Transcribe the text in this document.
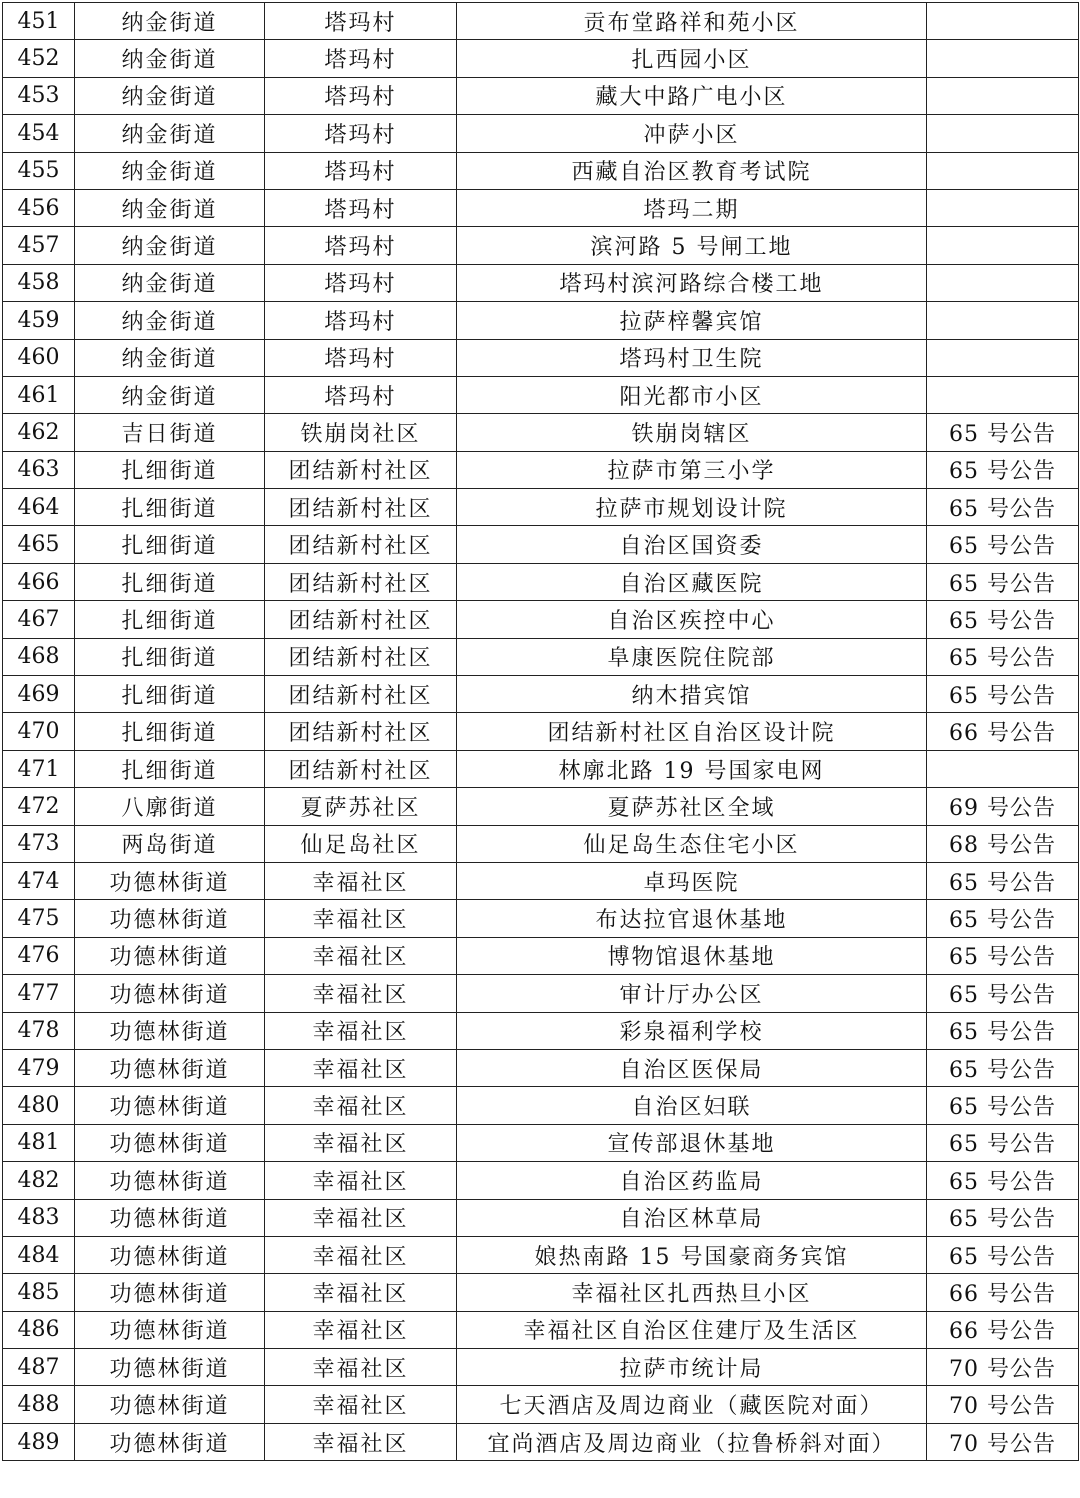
451	纳金街道	塔玛村	贡布堂路祥和苑小区	
452	纳金街道	塔玛村	扎西园小区	
453	纳金街道	塔玛村	藏大中路广电小区	
454	纳金街道	塔玛村	冲萨小区	
455	纳金街道	塔玛村	西藏自治区教育考试院	
456	纳金街道	塔玛村	塔玛二期	
457	纳金街道	塔玛村	滨河路 5 号闸工地	
458	纳金街道	塔玛村	塔玛村滨河路综合楼工地	
459	纳金街道	塔玛村	拉萨梓馨宾馆	
460	纳金街道	塔玛村	塔玛村卫生院	
461	纳金街道	塔玛村	阳光都市小区	
462	吉日街道	铁崩岗社区	铁崩岗辖区	65 号公告
463	扎细街道	团结新村社区	拉萨市第三小学	65 号公告
464	扎细街道	团结新村社区	拉萨市规划设计院	65 号公告
465	扎细街道	团结新村社区	自治区国资委	65 号公告
466	扎细街道	团结新村社区	自治区藏医院	65 号公告
467	扎细街道	团结新村社区	自治区疾控中心	65 号公告
468	扎细街道	团结新村社区	阜康医院住院部	65 号公告
469	扎细街道	团结新村社区	纳木措宾馆	65 号公告
470	扎细街道	团结新村社区	团结新村社区自治区设计院	66 号公告
471	扎细街道	团结新村社区	林廓北路 19 号国家电网	
472	八廓街道	夏萨苏社区	夏萨苏社区全域	69 号公告
473	两岛街道	仙足岛社区	仙足岛生态住宅小区	68 号公告
474	功德林街道	幸福社区	卓玛医院	65 号公告
475	功德林街道	幸福社区	布达拉官退休基地	65 号公告
476	功德林街道	幸福社区	博物馆退休基地	65 号公告
477	功德林街道	幸福社区	审计厅办公区	65 号公告
478	功德林街道	幸福社区	彩泉福利学校	65 号公告
479	功德林街道	幸福社区	自治区医保局	65 号公告
480	功德林街道	幸福社区	自治区妇联	65 号公告
481	功德林街道	幸福社区	宣传部退休基地	65 号公告
482	功德林街道	幸福社区	自治区药监局	65 号公告
483	功德林街道	幸福社区	自治区林草局	65 号公告
484	功德林街道	幸福社区	娘热南路 15 号国豪商务宾馆	65 号公告
485	功德林街道	幸福社区	幸福社区扎西热旦小区	66 号公告
486	功德林街道	幸福社区	幸福社区自治区住建厅及生活区	66 号公告
487	功德林街道	幸福社区	拉萨市统计局	70 号公告
488	功德林街道	幸福社区	七天酒店及周边商业（藏医院对面）	70 号公告
489	功德林街道	幸福社区	宜尚酒店及周边商业（拉鲁桥斜对面）	70 号公告
